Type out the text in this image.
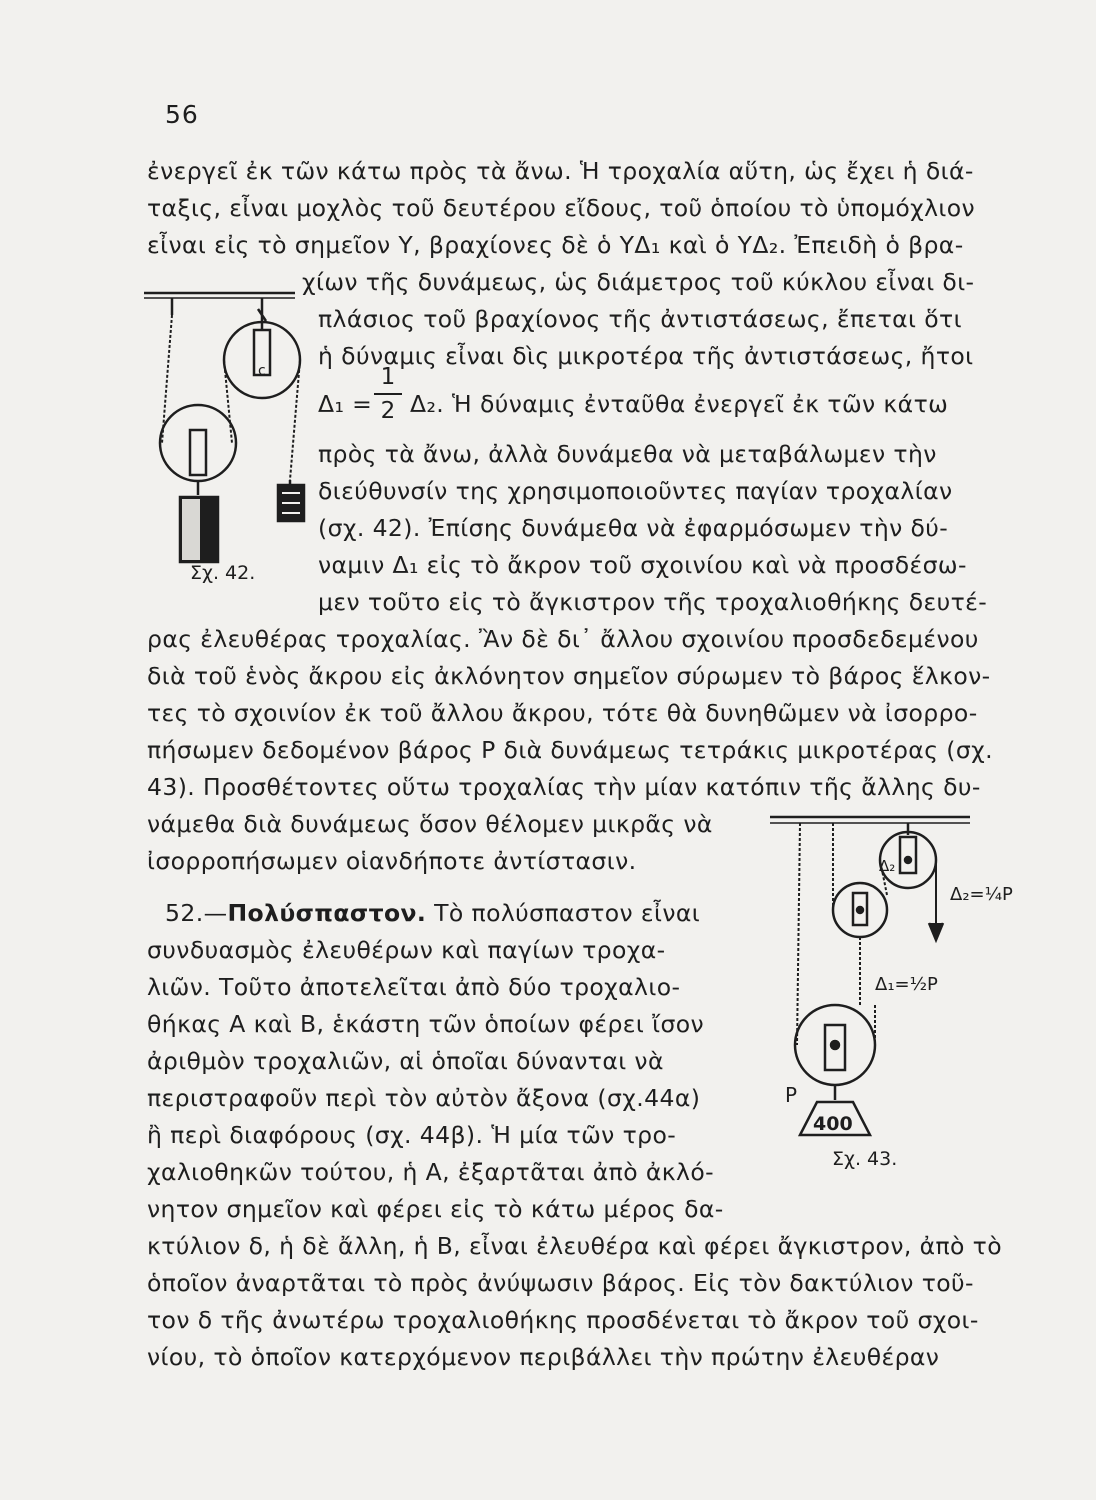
56
ἐνεργεῖ ἐκ τῶν κάτω πρὸς τὰ ἄνω. Ἡ τροχαλία αὕτη, ὡς ἔχει ἡ διά-
ταξις, εἶναι μοχλὸς τοῦ δευτέρου εἴδους, τοῦ ὁποίου τὸ ὑπομόχλιον
εἶναι εἰς τὸ σημεῖον Υ, βραχίονες δὲ ὁ ΥΔ₁ καὶ ὁ ΥΔ₂. Ἐπειδὴ ὁ βρα-
χίων τῆς δυνάμεως, ὡς διάμετρος τοῦ κύκλου εἶναι δι-
πλάσιος τοῦ βραχίονος τῆς ἀντιστάσεως, ἔπεται ὅτι
ἡ δύναμις εἶναι δὶς μικροτέρα τῆς ἀντιστάσεως, ἤτοι
Δ₁ =
1
2 Δ₂. Ἡ δύναμις ἐνταῦθα ἐνεργεῖ ἐκ τῶν κάτω
πρὸς τὰ ἄνω, ἀλλὰ δυνάμεθα νὰ μεταβάλωμεν τὴν
διεύθυνσίν της χρησιμοποιοῦντες παγίαν τροχαλίαν
(σχ. 42). Ἐπίσης δυνάμεθα νὰ ἐφαρμόσωμεν τὴν δύ-
ναμιν Δ₁ εἰς τὸ ἄκρον τοῦ σχοινίου καὶ νὰ προσδέσω-
μεν τοῦτο εἰς τὸ ἄγκιστρον τῆς τροχαλιοθήκης δευτέ-
ρας ἐλευθέρας τροχαλίας. Ἂν δὲ δι᾽ ἄλλου σχοινίου προσδεδεμένου
διὰ τοῦ ἑνὸς ἄκρου εἰς ἀκλόνητον σημεῖον σύρωμεν τὸ βάρος ἕλκον-
τες τὸ σχοινίον ἐκ τοῦ ἄλλου ἄκρου, τότε θὰ δυνηθῶμεν νὰ ἰσορρο-
πήσωμεν δεδομένον βάρος Ρ διὰ δυνάμεως τετράκις μικροτέρας (σχ.
43). Προσθέτοντες οὕτω τροχαλίας τὴν μίαν κατόπιν τῆς ἄλλης δυ-
νάμεθα διὰ δυνάμεως ὅσον θέλομεν μικρᾶς νὰ
ἰσορροπήσωμεν οἱανδήποτε ἀντίστασιν.
52.—Πολύσπαστον. Τὸ πολύσπαστον εἶναι
συνδυασμὸς ἐλευθέρων καὶ παγίων τροχα-
λιῶν. Τοῦτο ἀποτελεῖται ἀπὸ δύο τροχαλιο-
θήκας Α καὶ Β, ἑκάστη τῶν ὁποίων φέρει ἴσον
ἀριθμὸν τροχαλιῶν, αἱ ὁποῖαι δύνανται νὰ
περιστραφοῦν περὶ τὸν αὐτὸν ἄξονα (σχ.44α)
ἢ περὶ διαφόρους (σχ. 44β). Ἡ μία τῶν τρο-
χαλιοθηκῶν τούτου, ἡ Α, ἐξαρτᾶται ἀπὸ ἀκλό-
νητον σημεῖον καὶ φέρει εἰς τὸ κάτω μέρος δα-
κτύλιον δ, ἡ δὲ ἄλλη, ἡ Β, εἶναι ἐλευθέρα καὶ φέρει ἄγκιστρον, ἀπὸ τὸ
ὁποῖον ἀναρτᾶται τὸ πρὸς ἀνύψωσιν βάρος. Εἰς τὸν δακτύλιον τοῦ-
τον δ τῆς ἀνωτέρω τροχαλιοθήκης προσδένεται τὸ ἄκρον τοῦ σχοι-
νίου, τὸ ὁποῖον κατερχόμενον περιβάλλει τὴν πρώτην ἐλευθέραν
c
Σχ. 42.
Δ₂
Δ₂=¼P
Δ₁=½P
P
400
Σχ. 43.
